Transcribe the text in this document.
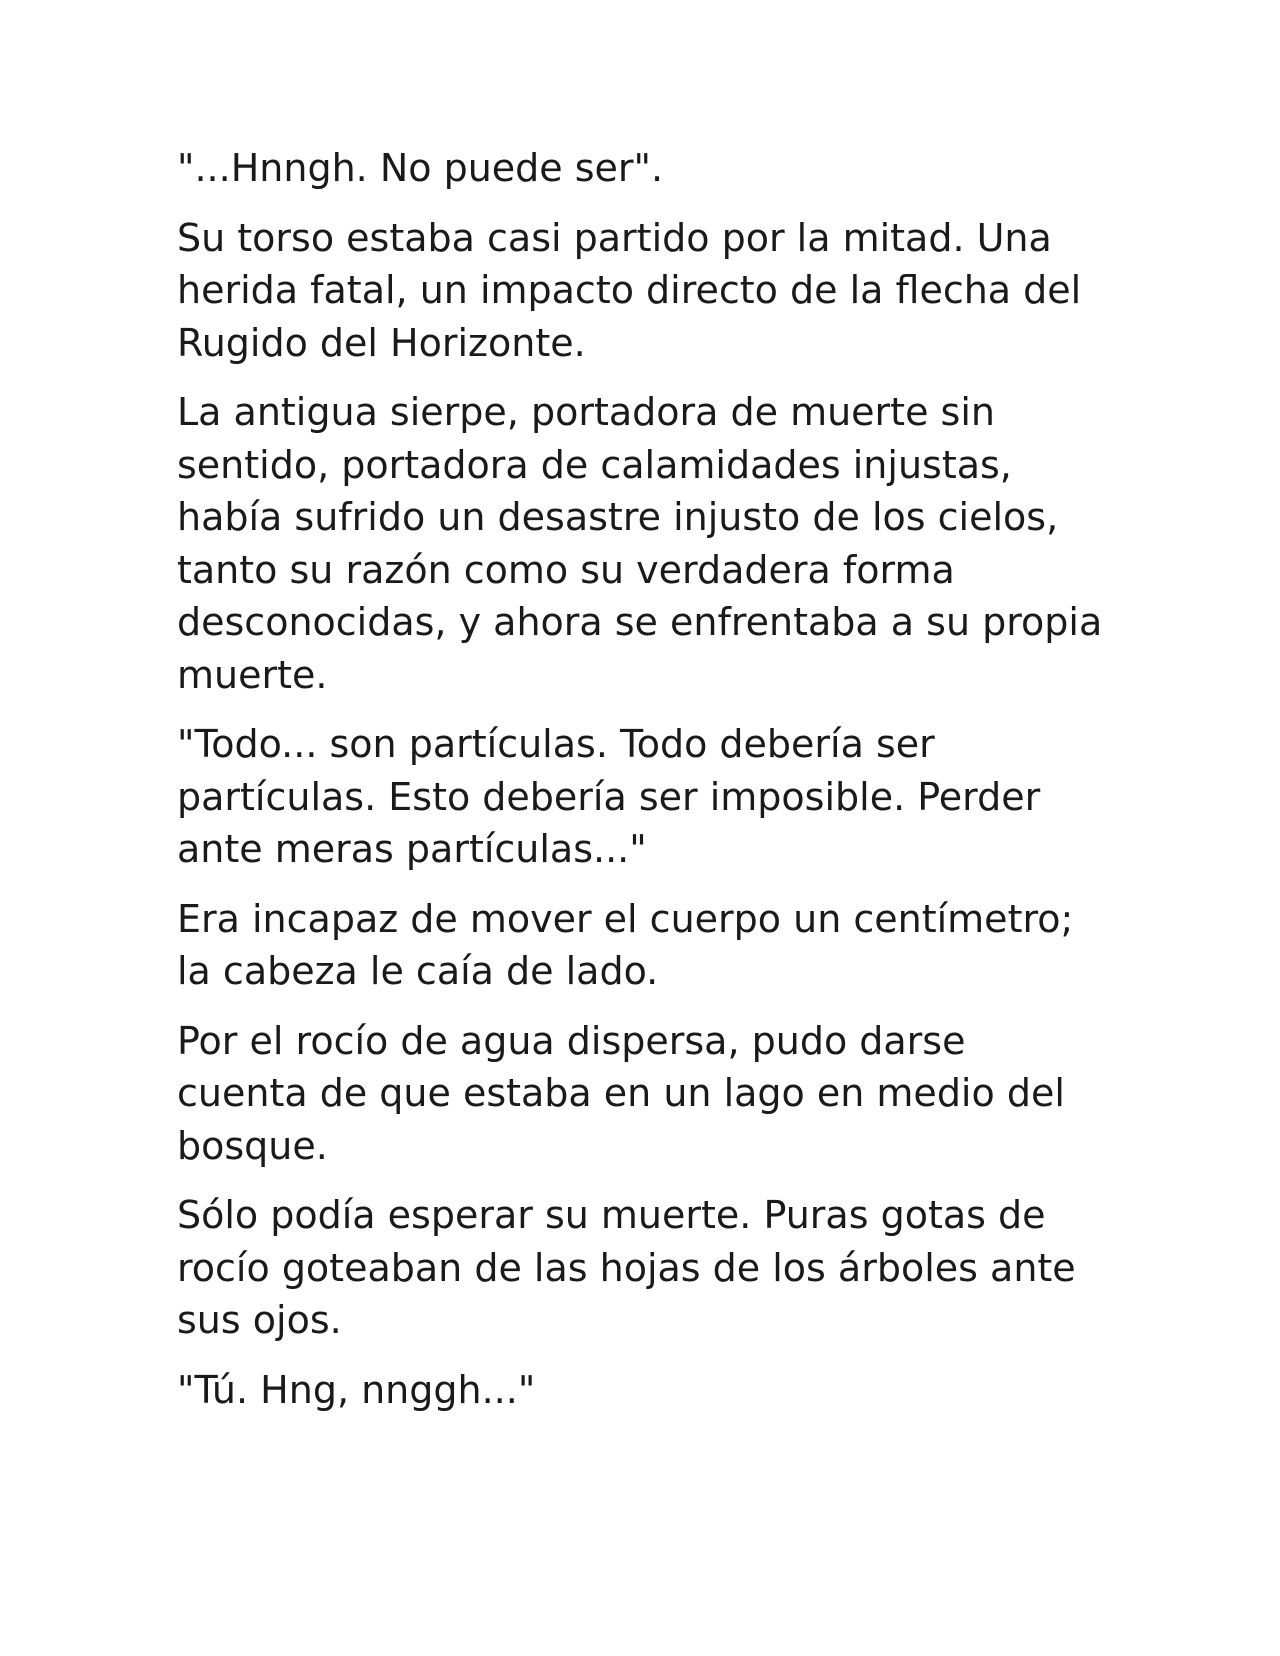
"...Hnngh. No puede ser".

Su torso estaba casi partido por la mitad. Una
herida fatal, un impacto directo de la flecha del
Rugido del Horizonte.

La antigua sierpe, portadora de muerte sin
sentido, portadora de calamidades injustas,
había sufrido un desastre injusto de los cielos,
tanto su razón como su verdadera forma
desconocidas, y ahora se enfrentaba a su propia
muerte.

"Todo... son partículas. Todo debería ser
partículas. Esto debería ser imposible. Perder
ante meras partículas..."

Era incapaz de mover el cuerpo un centímetro;
la cabeza le caía de lado.

Por el rocío de agua dispersa, pudo darse
cuenta de que estaba en un lago en medio del
bosque.

Sólo podía esperar su muerte. Puras gotas de
rocío goteaban de las hojas de los árboles ante
sus ojos.

"Tú. Hng, nnggh..."
